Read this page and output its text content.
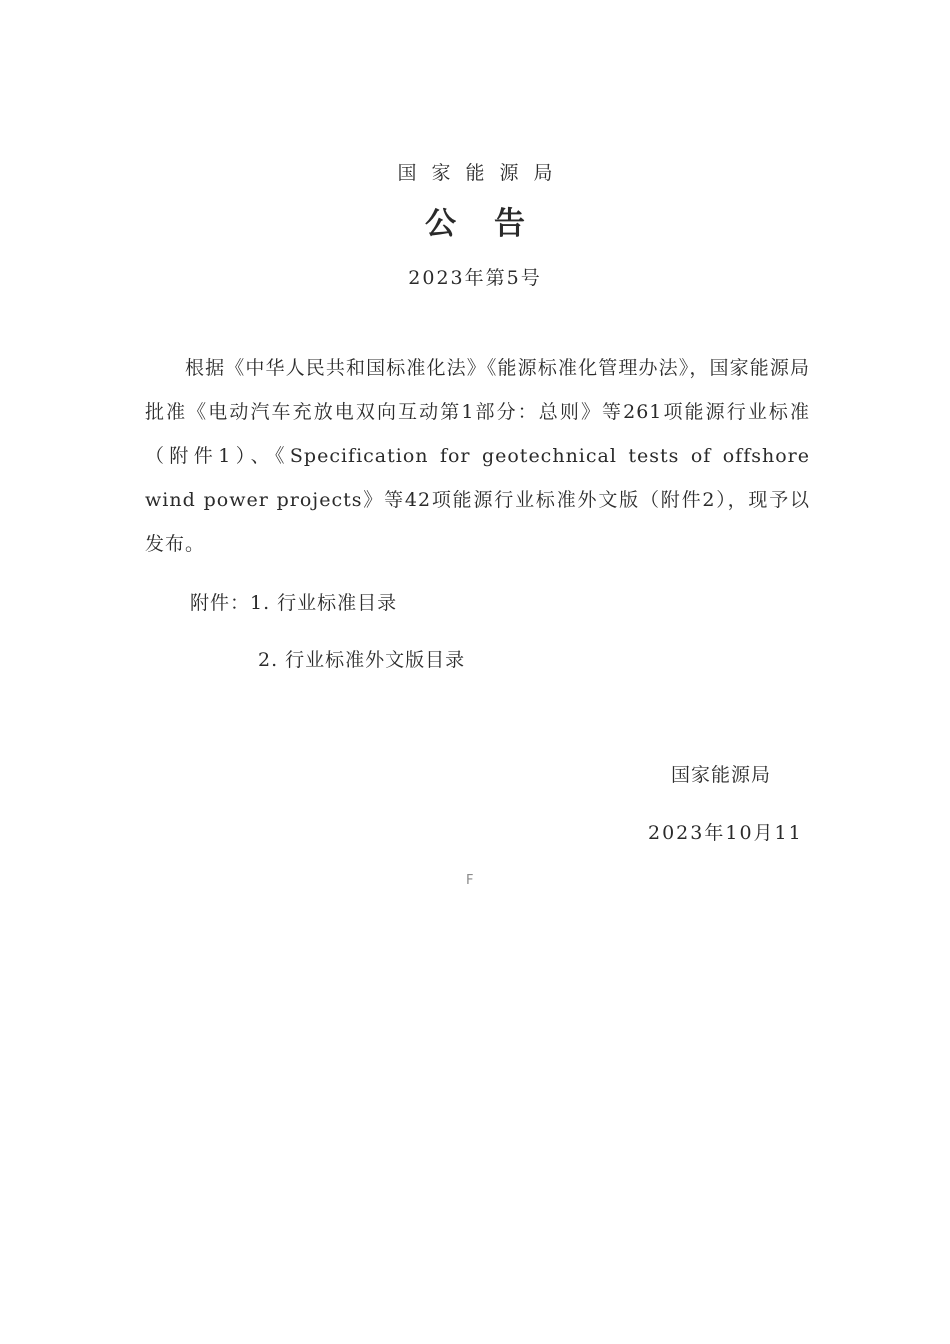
国家能源局
公告
2023年第5号

根据《中华人民共和国标准化法》《能源标准化管理办法》，国家能源局批准《电动汽车充放电双向互动第1部分：总则》等261项能源行业标准（附件1）、《Specification for geotechnical tests of offshore wind power projects》等42项能源行业标准外文版（附件2），现予以发布。

附件：1. 行业标准目录
2. 行业标准外文版目录
国家能源局
2023年10月11
F
